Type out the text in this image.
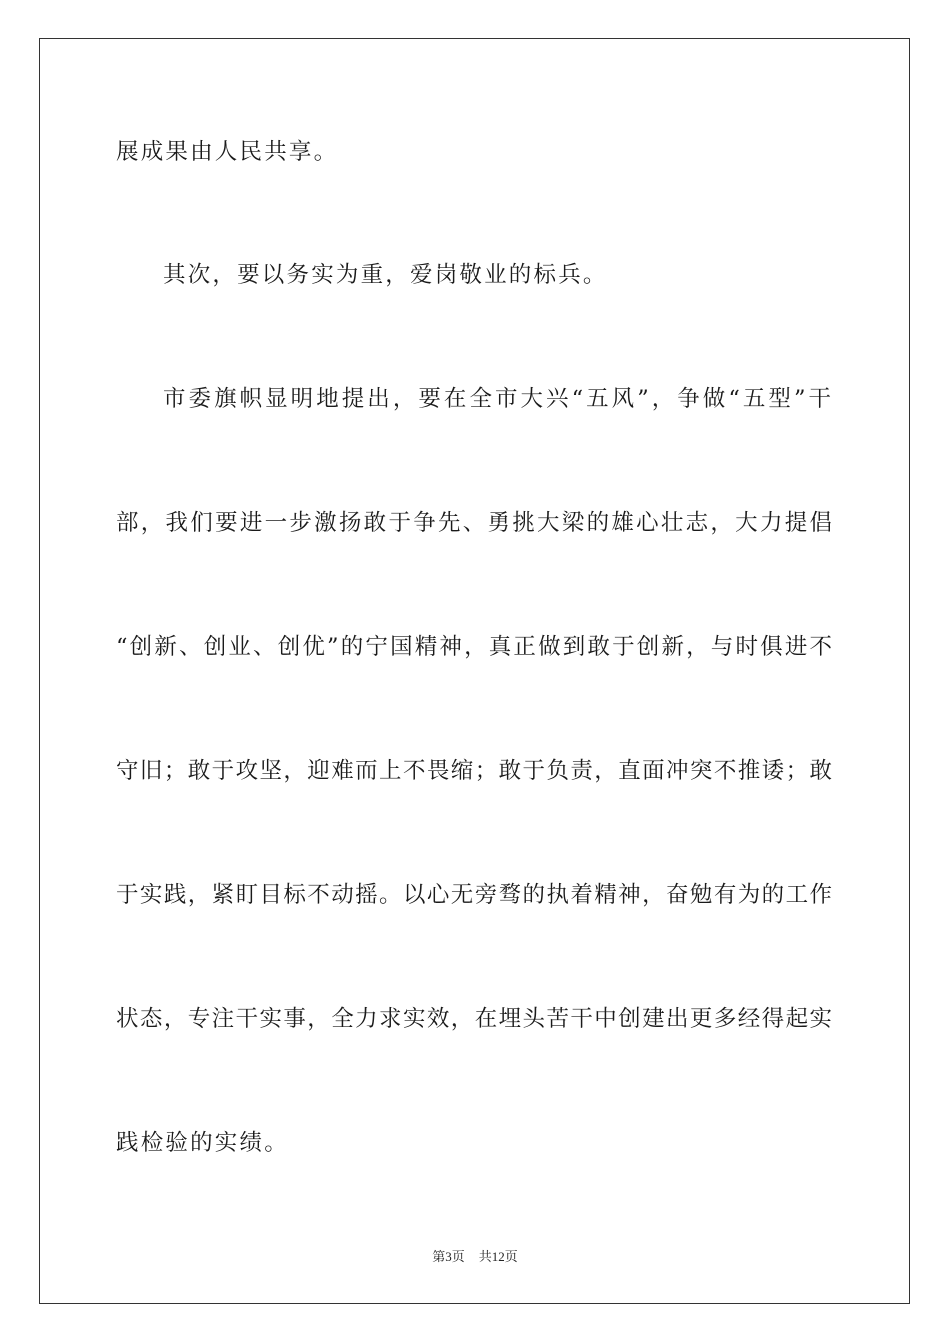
展成果由人民共享。
其次，要以务实为重，爱岗敬业的标兵。
市委旗帜显明地提出，要在全市大兴“五风”，争做“五型”干
部，我们要进一步激扬敢于争先、勇挑大梁的雄心壮志，大力提倡
“创新、创业、创优”的宁国精神，真正做到敢于创新，与时俱进不
守旧；敢于攻坚，迎难而上不畏缩；敢于负责，直面冲突不推诿；敢
于实践，紧盯目标不动摇。以心无旁骛的执着精神，奋勉有为的工作
状态，专注干实事，全力求实效，在埋头苦干中创建出更多经得起实
践检验的实绩。
第3页 共12页
